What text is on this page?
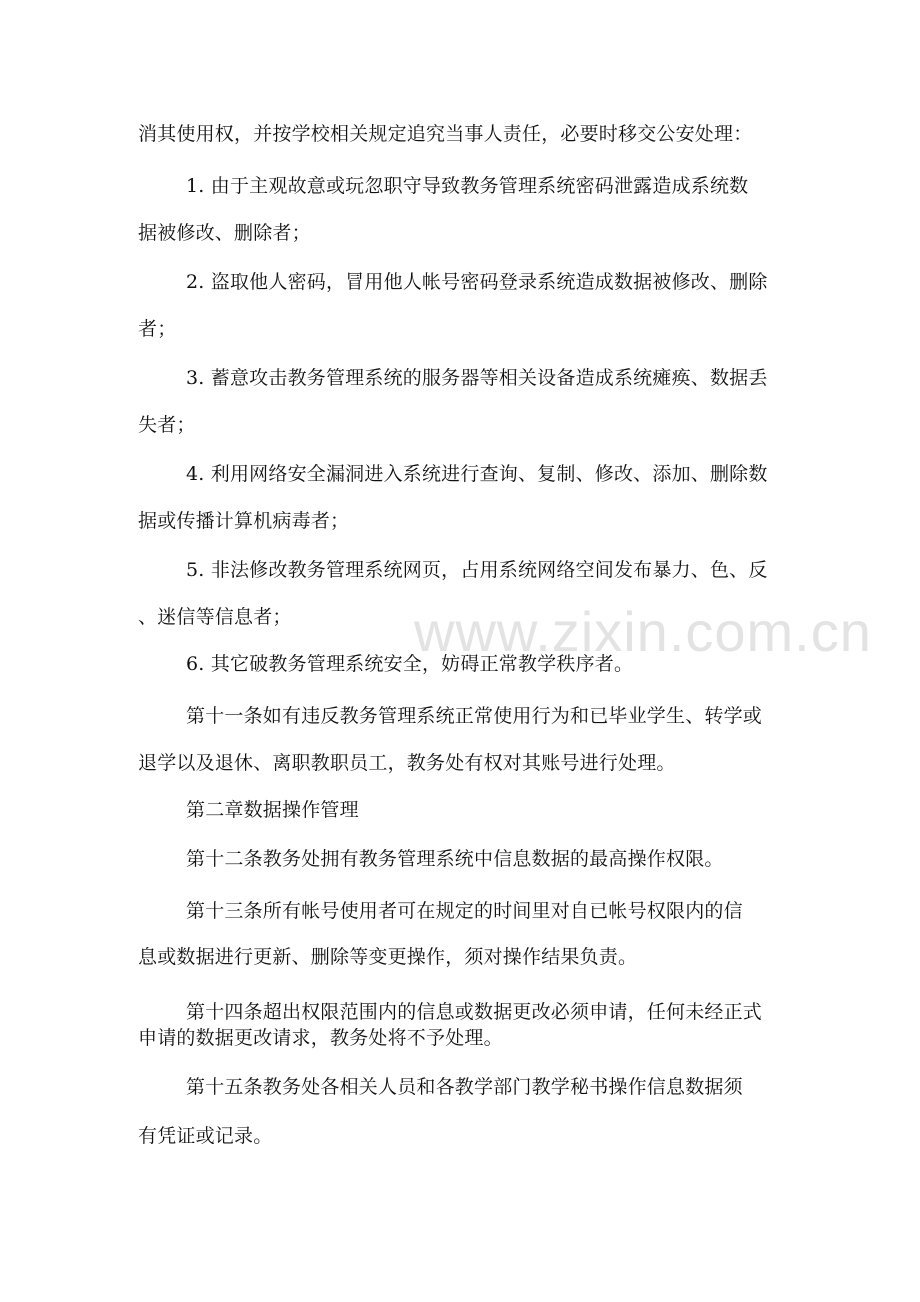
www.zixin.com.cn
消其使用权，并按学校相关规定追究当事人责任，必要时移交公安处理：
1. 由于主观故意或玩忽职守导致教务管理系统密码泄露造成系统数
据被修改、删除者；
2. 盗取他人密码，冒用他人帐号密码登录系统造成数据被修改、删除
者；
3. 蓄意攻击教务管理系统的服务器等相关设备造成系统瘫痪、数据丢
失者；
4. 利用网络安全漏洞进入系统进行查询、复制、修改、添加、删除数
据或传播计算机病毒者；
5. 非法修改教务管理系统网页，占用系统网络空间发布暴力、色、反
、迷信等信息者；
6. 其它破教务管理系统安全，妨碍正常教学秩序者。
第十一条如有违反教务管理系统正常使用行为和已毕业学生、转学或
退学以及退休、离职教职员工，教务处有权对其账号进行处理。
第二章数据操作管理
第十二条教务处拥有教务管理系统中信息数据的最高操作权限。
第十三条所有帐号使用者可在规定的时间里对自已帐号权限内的信
息或数据进行更新、删除等变更操作，须对操作结果负责。
第十四条超出权限范围内的信息或数据更改必须申请，任何未经正式
申请的数据更改请求，教务处将不予处理。
第十五条教务处各相关人员和各教学部门教学秘书操作信息数据须
有凭证或记录。
